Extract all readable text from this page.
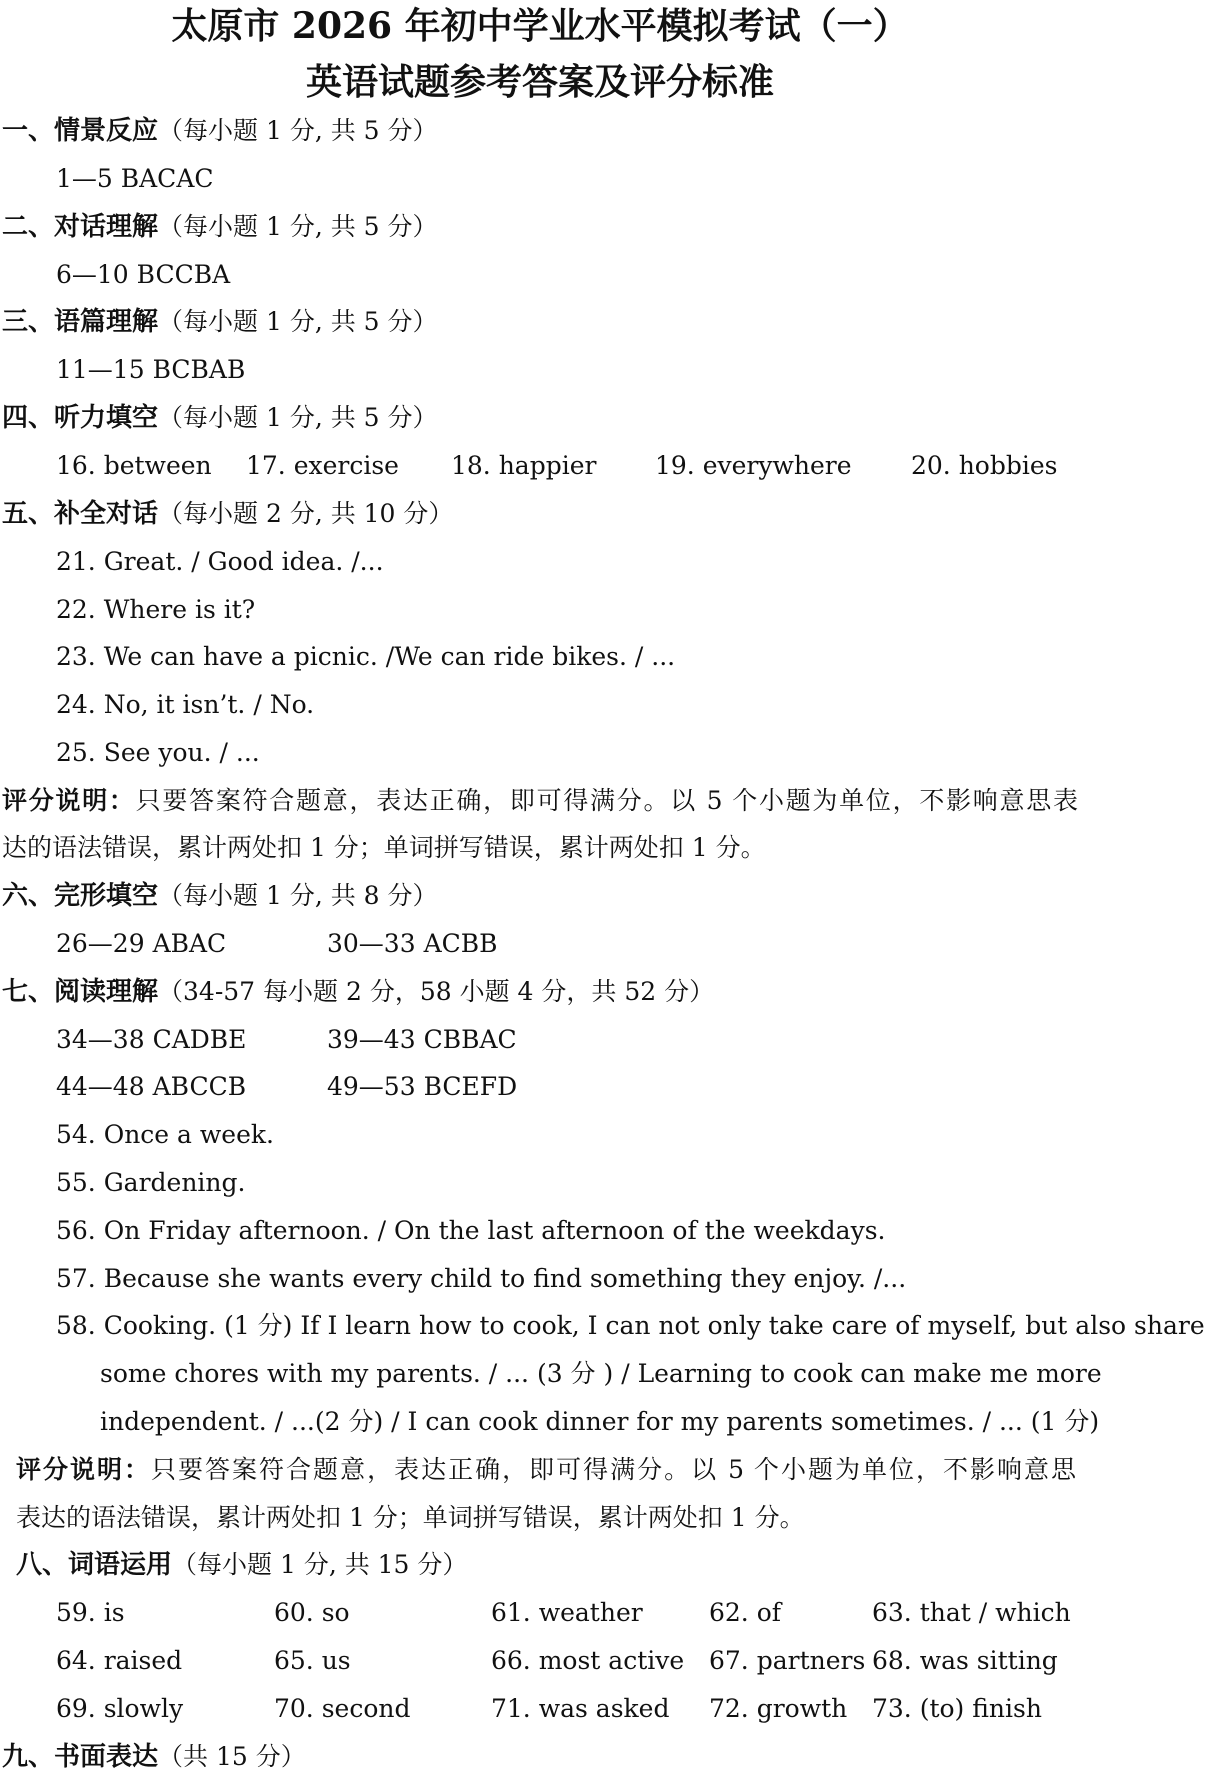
太原市 2026 年初中学业水平模拟考试（一）
英语试题参考答案及评分标准
一、情景反应（每小题 1 分, 共 5 分）
1—5 BACAC
二、对话理解（每小题 1 分, 共 5 分）
6—10 BCCBA
三、语篇理解（每小题 1 分, 共 5 分）
11—15 BCBAB
四、听力填空（每小题 1 分, 共 5 分）
16. between 17. exercise 18. happier 19. everywhere 20. hobbies
五、补全对话（每小题 2 分, 共 10 分）
21. Great. / Good idea. /...
22. Where is it?
23. We can have a picnic. /We can ride bikes. / ...
24. No, it isn’t. / No.
25. See you. / ...
评分说明：只要答案符合题意，表达正确，即可得满分。以 5 个小题为单位，不影响意思表
达的语法错误，累计两处扣 1 分；单词拼写错误，累计两处扣 1 分。
六、完形填空（每小题 1 分, 共 8 分）
26—29 ABAC	30—33 ACBB
七、阅读理解（34-57 每小题 2 分，58 小题 4 分，共 52 分）
34—38 CADBE	39—43 CBBAC
44—48 ABCCB	49—53 BCEFD
54. Once a week.
55. Gardening.
56. On Friday afternoon. / On the last afternoon of the weekdays.
57. Because she wants every child to find something they enjoy. /...
58. Cooking. (1 分) If I learn how to cook, I can not only take care of myself, but also share
some chores with my parents. / ... (3 分 ) / Learning to cook can make me more
independent. / ...(2 分) / I can cook dinner for my parents sometimes. / ... (1 分)
评分说明：只要答案符合题意，表达正确，即可得满分。以 5 个小题为单位，不影响意思
表达的语法错误，累计两处扣 1 分；单词拼写错误，累计两处扣 1 分。
八、词语运用（每小题 1 分, 共 15 分）
59. is	60. so	61. weather	62. of	63. that / which
64. raised	65. us	66. most active 67. partners 68. was sitting
69. slowly	70. second	71. was asked 72. growth 73. (to) finish
九、书面表达（共 15 分）
